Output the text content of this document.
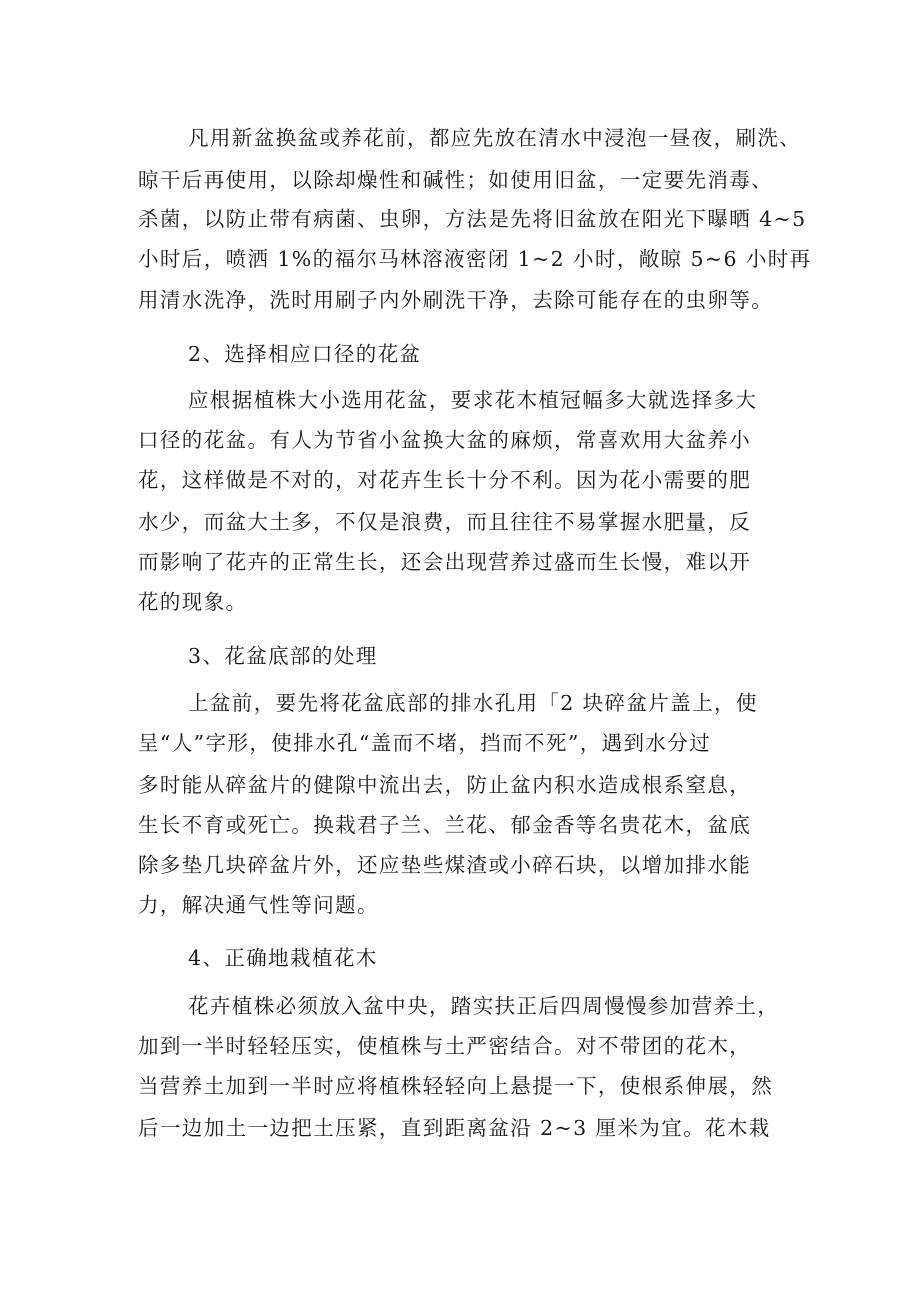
凡用新盆换盆或养花前，都应先放在清水中浸泡一昼夜，刷洗、
晾干后再使用，以除却燥性和碱性；如使用旧盆，一定要先消毒、
杀菌，以防止带有病菌、虫卵，方法是先将旧盆放在阳光下曝晒 4~5
小时后，喷洒 1%的福尔马林溶液密闭 1~2 小时，敞晾 5~6 小时再
用清水洗净，洗时用刷子内外刷洗干净，去除可能存在的虫卵等。
2、选择相应口径的花盆
应根据植株大小选用花盆，要求花木植冠幅多大就选择多大
口径的花盆。有人为节省小盆换大盆的麻烦，常喜欢用大盆养小
花，这样做是不对的，对花卉生长十分不利。因为花小需要的肥
水少，而盆大土多，不仅是浪费，而且往往不易掌握水肥量，反
而影响了花卉的正常生长，还会出现营养过盛而生长慢，难以开
花的现象。
3、花盆底部的处理
上盆前，要先将花盆底部的排水孔用「2 块碎盆片盖上，使
呈“人”字形，使排水孔“盖而不堵，挡而不死”，遇到水分过
多时能从碎盆片的健隙中流出去，防止盆内积水造成根系窒息，
生长不育或死亡。换栽君子兰、兰花、郁金香等名贵花木，盆底
除多垫几块碎盆片外，还应垫些煤渣或小碎石块，以增加排水能
力，解决通气性等问题。
4、正确地栽植花木
花卉植株必须放入盆中央，踏实扶正后四周慢慢参加营养土，
加到一半时轻轻压实，使植株与土严密结合。对不带团的花木，
当营养土加到一半时应将植株轻轻向上悬提一下，使根系伸展，然
后一边加土一边把土压紧，直到距离盆沿 2~3 厘米为宜。花木栽
